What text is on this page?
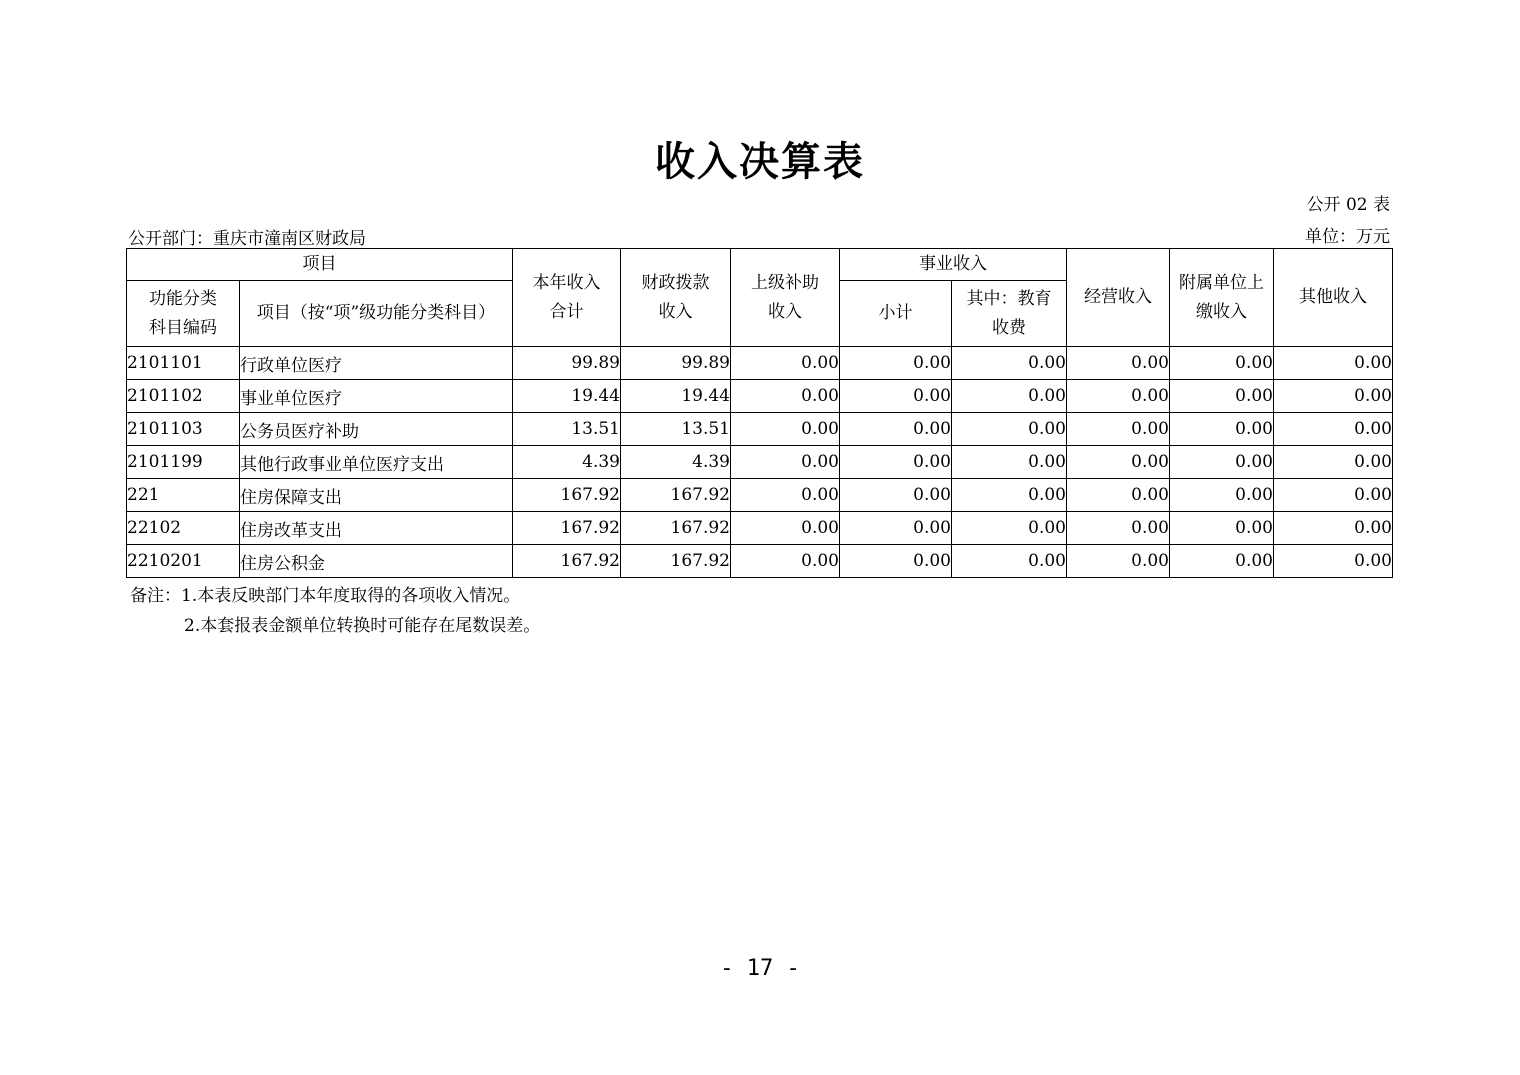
收入决算表
公开 02 表
公开部门：重庆市潼南区财政局	单位：万元
项目		本年收入合计	财政拨款收入	上级补助收入	事业收入		经营收入	附属单位上缴收入	其他收入

功能分类科目编码	项目（按“项”级功能分类科目）				小计	其中：教育收费			

2101101	行政单位医疗	99.89	99.89	0.00	0.00	0.00	0.00	0.00	0.00
2101102	事业单位医疗	19.44	19.44	0.00	0.00	0.00	0.00	0.00	0.00
2101103	公务员医疗补助	13.51	13.51	0.00	0.00	0.00	0.00	0.00	0.00
2101199	其他行政事业单位医疗支出	4.39	4.39	0.00	0.00	0.00	0.00	0.00	0.00
221	住房保障支出	167.92	167.92	0.00	0.00	0.00	0.00	0.00	0.00
22102	住房改革支出	167.92	167.92	0.00	0.00	0.00	0.00	0.00	0.00
2210201	住房公积金	167.92	167.92	0.00	0.00	0.00	0.00	0.00	0.00
备注：1.本表反映部门本年度取得的各项收入情况。
2.本套报表金额单位转换时可能存在尾数误差。
- 17 -
